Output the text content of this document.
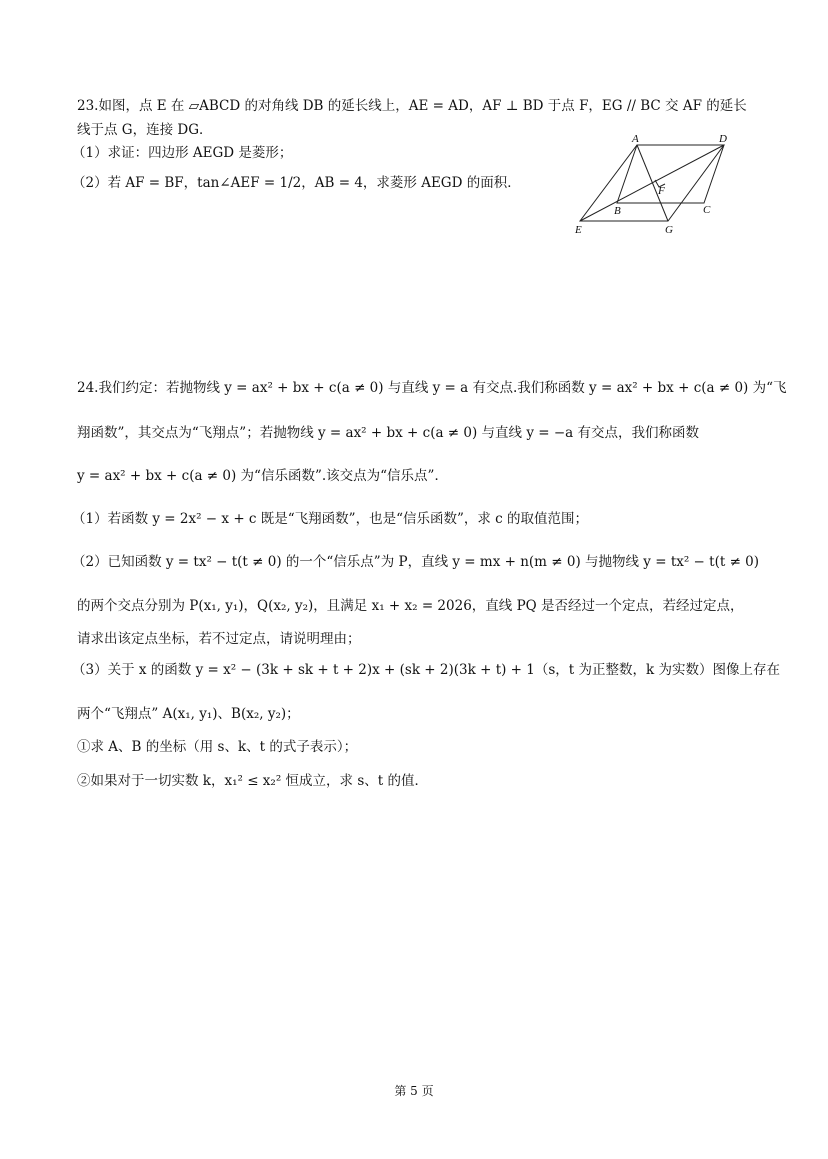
23.如图，点 E 在 ▱ABCD 的对角线 DB 的延长线上，AE = AD，AF ⊥ BD 于点 F，EG // BC 交 AF 的延长
线于点 G，连接 DG．
（1）求证：四边形 AEGD 是菱形；
（2）若 AF = BF，tan∠AEF = 1/2，AB = 4，求菱形 AEGD 的面积．
A	D
F
B	C
E	G
24.我们约定：若抛物线 y = ax² + bx + c(a ≠ 0) 与直线 y = a 有交点.我们称函数 y = ax² + bx + c(a ≠ 0) 为“飞
翔函数”，其交点为“飞翔点”；若抛物线 y = ax² + bx + c(a ≠ 0) 与直线 y = −a 有交点，我们称函数
y = ax² + bx + c(a ≠ 0) 为“信乐函数”.该交点为“信乐点”．
（1）若函数 y = 2x² − x + c 既是“飞翔函数”，也是“信乐函数”，求 c 的取值范围；
（2）已知函数 y = tx² − t(t ≠ 0) 的一个“信乐点”为 P，直线 y = mx + n(m ≠ 0) 与抛物线 y = tx² − t(t ≠ 0)
的两个交点分别为 P(x₁, y₁)，Q(x₂, y₂)，且满足 x₁ + x₂ = 2026，直线 PQ 是否经过一个定点，若经过定点，
请求出该定点坐标，若不过定点，请说明理由；
（3）关于 x 的函数 y = x² − (3k + sk + t + 2)x + (sk + 2)(3k + t) + 1（s，t 为正整数，k 为实数）图像上存在
两个“飞翔点” A(x₁, y₁)、B(x₂, y₂)；
①求 A、B 的坐标（用 s、k、t 的式子表示）；
②如果对于一切实数 k，x₁² ≤ x₂² 恒成立，求 s、t 的值．
第 5 页
